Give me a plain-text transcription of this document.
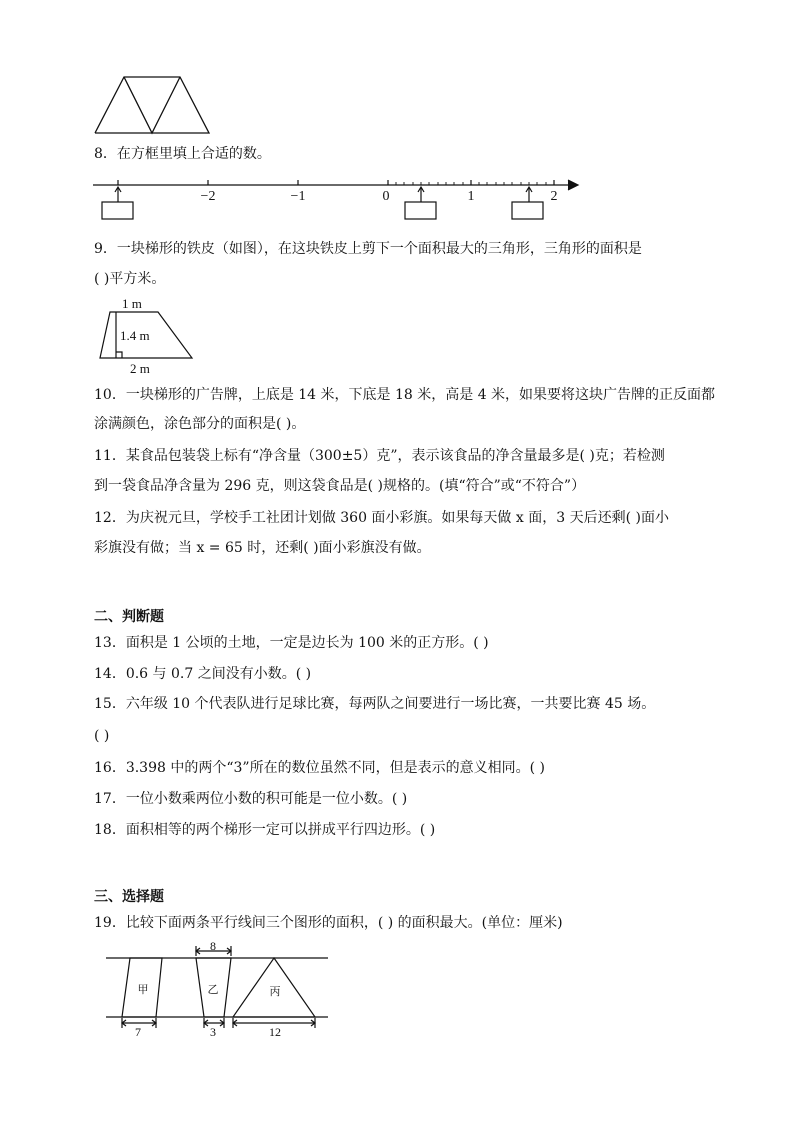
8．在方框里填上合适的数。
−2	−1	0	1	2
9．一块梯形的铁皮（如图），在这块铁皮上剪下一个面积最大的三角形，三角形的面积是
( )平方米。
1 m
1.4 m
2 m
10．一块梯形的广告牌，上底是 14 米，下底是 18 米，高是 4 米，如果要将这块广告牌的正反面都
涂满颜色，涂色部分的面积是( )。
11．某食品包装袋上标有“净含量（300±5）克”，表示该食品的净含量最多是( )克；若检测
到一袋食品净含量为 296 克，则这袋食品是( )规格的。(填“符合”或“不符合”）
12．为庆祝元旦，学校手工社团计划做 360 面小彩旗。如果每天做 x 面，3 天后还剩( )面小
彩旗没有做；当 x = 65 时，还剩( )面小彩旗没有做。
二、判断题
13．面积是 1 公顷的土地，一定是边长为 100 米的正方形。( )
14．0.6 与 0.7 之间没有小数。( )
15．六年级 10 个代表队进行足球比赛，每两队之间要进行一场比赛，一共要比赛 45 场。
( )
16．3.398 中的两个“3”所在的数位虽然不同，但是表示的意义相同。( )
17．一位小数乘两位小数的积可能是一位小数。( )
18．面积相等的两个梯形一定可以拼成平行四边形。( )
三、选择题
19．比较下面两条平行线间三个图形的面积，( ) 的面积最大。(单位：厘米)
8
甲	乙	丙
7	3	12
